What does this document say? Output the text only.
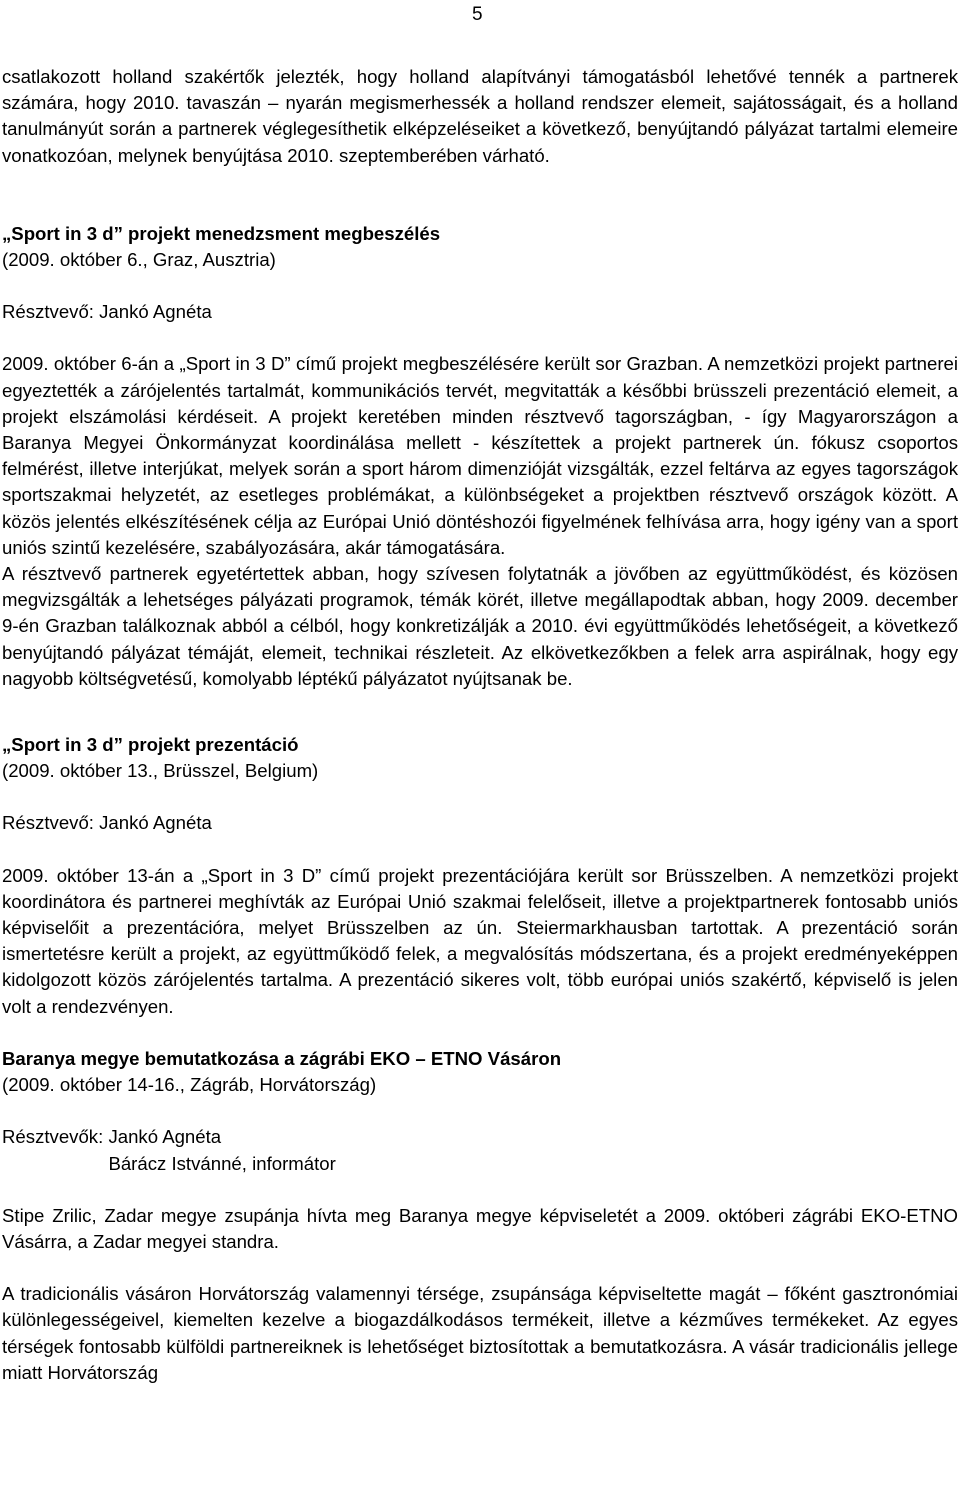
5

csatlakozott holland szakértők jelezték, hogy holland alapítványi támogatásból lehetővé tennék a partnerek számára, hogy 2010. tavaszán – nyarán megismerhessék a holland rendszer elemeit, sajátosságait, és a holland tanulmányút során a partnerek véglegesíthetik elképzeléseiket a következő, benyújtandó pályázat tartalmi elemeire vonatkozóan, melynek benyújtása 2010. szeptemberében várható.

„Sport in 3 d” projekt menedzsment megbeszélés

(2009. október 6., Graz, Ausztria)

Résztvevő: Jankó Agnéta

2009. október 6-án a „Sport in 3 D” című projekt megbeszélésére került sor Grazban. A nemzetközi projekt partnerei egyeztették a zárójelentés tartalmát, kommunikációs tervét, megvitatták a későbbi brüsszeli prezentáció elemeit, a projekt elszámolási kérdéseit. A projekt keretében minden résztvevő tagországban, - így Magyarországon a Baranya Megyei Önkormányzat koordinálása mellett - készítettek a projekt partnerek ún. fókusz csoportos felmérést, illetve interjúkat, melyek során a sport három dimenzióját vizsgálták, ezzel feltárva az egyes tagországok sportszakmai helyzetét, az esetleges problémákat, a különbségeket a projektben résztvevő országok között. A közös jelentés elkészítésének célja az Európai Unió döntéshozói figyelmének felhívása arra, hogy igény van a sport uniós szintű kezelésére, szabályozására, akár támogatására.

A résztvevő partnerek egyetértettek abban, hogy szívesen folytatnák a jövőben az együttműködést, és közösen megvizsgálták a lehetséges pályázati programok, témák körét, illetve megállapodtak abban, hogy 2009. december 9-én Grazban találkoznak abból a célból, hogy konkretizálják a 2010. évi együttműködés lehetőségeit, a következő benyújtandó pályázat témáját, elemeit, technikai részleteit. Az elkövetkezőkben a felek arra aspirálnak, hogy egy nagyobb költségvetésű, komolyabb léptékű pályázatot nyújtsanak be.

„Sport in 3 d” projekt prezentáció

(2009. október 13., Brüsszel, Belgium)

Résztvevő: Jankó Agnéta

2009. október 13-án a „Sport in 3 D” című projekt prezentációjára került sor Brüsszelben. A nemzetközi projekt koordinátora és partnerei meghívták az Európai Unió szakmai felelőseit, illetve a projektpartnerek fontosabb uniós képviselőit a prezentációra, melyet Brüsszelben az ún. Steiermarkhausban tartottak. A prezentáció során ismertetésre került a projekt, az együttműködő felek, a megvalósítás módszertana, és a projekt eredményeképpen kidolgozott közös zárójelentés tartalma. A prezentáció sikeres volt, több európai uniós szakértő, képviselő is jelen volt a rendezvényen.

Baranya megye bemutatkozása a zágrábi EKO – ETNO Vásáron

(2009. október 14-16., Zágráb, Horvátország)

Résztvevők: Jankó Agnéta
Bárácz Istvánné, informátor

Stipe Zrilic, Zadar megye zsupánja hívta meg Baranya megye képviseletét a 2009. októberi zágrábi EKO-ETNO Vásárra, a Zadar megyei standra.

A tradicionális vásáron Horvátország valamennyi térsége, zsupánsága képviseltette magát – főként gasztronómiai különlegességeivel, kiemelten kezelve a biogazdálkodásos termékeit, illetve a kézműves termékeket. Az egyes térségek fontosabb külföldi partnereiknek is lehetőséget biztosítottak a bemutatkozásra. A vásár tradicionális jellege miatt Horvátország
